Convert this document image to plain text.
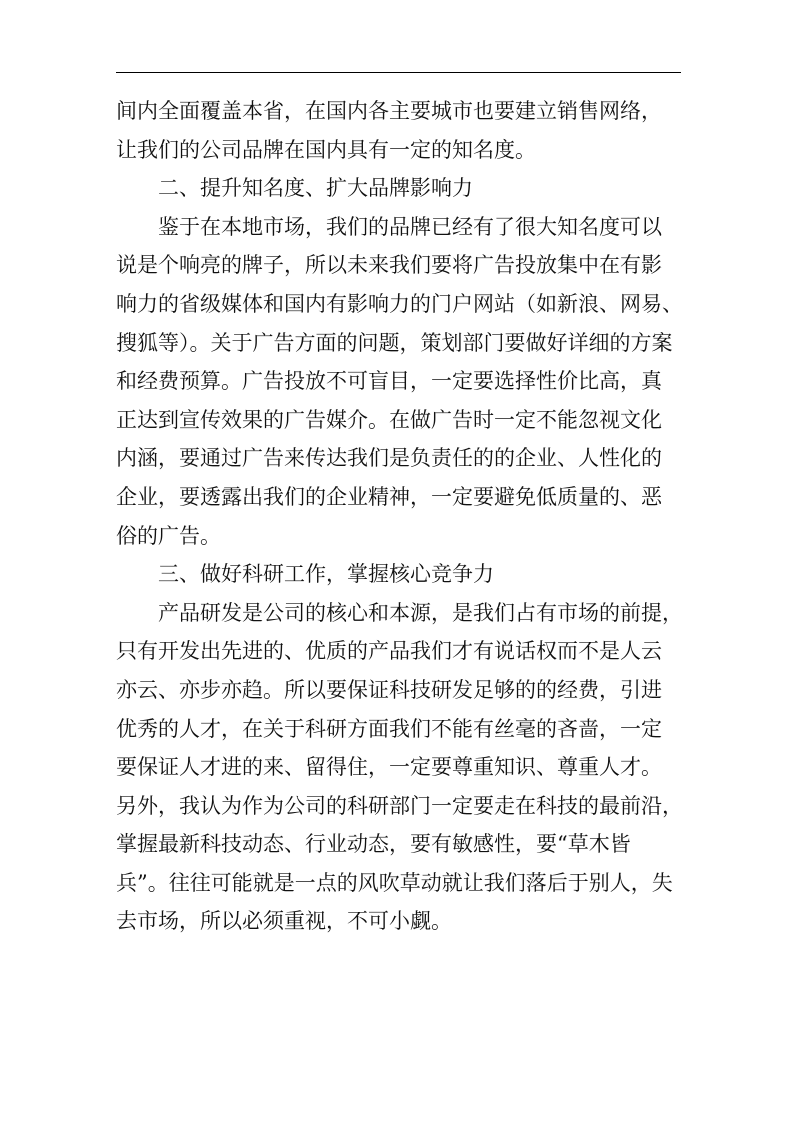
间内全面覆盖本省，在国内各主要城市也要建立销售网络，
让我们的公司品牌在国内具有一定的知名度。
二、提升知名度、扩大品牌影响力
鉴于在本地市场，我们的品牌已经有了很大知名度可以
说是个响亮的牌子，所以未来我们要将广告投放集中在有影
响力的省级媒体和国内有影响力的门户网站（如新浪、网易、
搜狐等）。关于广告方面的问题，策划部门要做好详细的方案
和经费预算。广告投放不可盲目，一定要选择性价比高，真
正达到宣传效果的广告媒介。在做广告时一定不能忽视文化
内涵，要通过广告来传达我们是负责任的的企业、人性化的
企业，要透露出我们的企业精神，一定要避免低质量的、恶
俗的广告。
三、做好科研工作，掌握核心竞争力
产品研发是公司的核心和本源，是我们占有市场的前提，
只有开发出先进的、优质的产品我们才有说话权而不是人云
亦云、亦步亦趋。所以要保证科技研发足够的的经费，引进
优秀的人才，在关于科研方面我们不能有丝毫的吝啬，一定
要保证人才进的来、留得住，一定要尊重知识、尊重人才。
另外，我认为作为公司的科研部门一定要走在科技的最前沿，
掌握最新科技动态、行业动态，要有敏感性，要“草木皆
兵”。往往可能就是一点的风吹草动就让我们落后于别人，失
去市场，所以必须重视，不可小觑。
